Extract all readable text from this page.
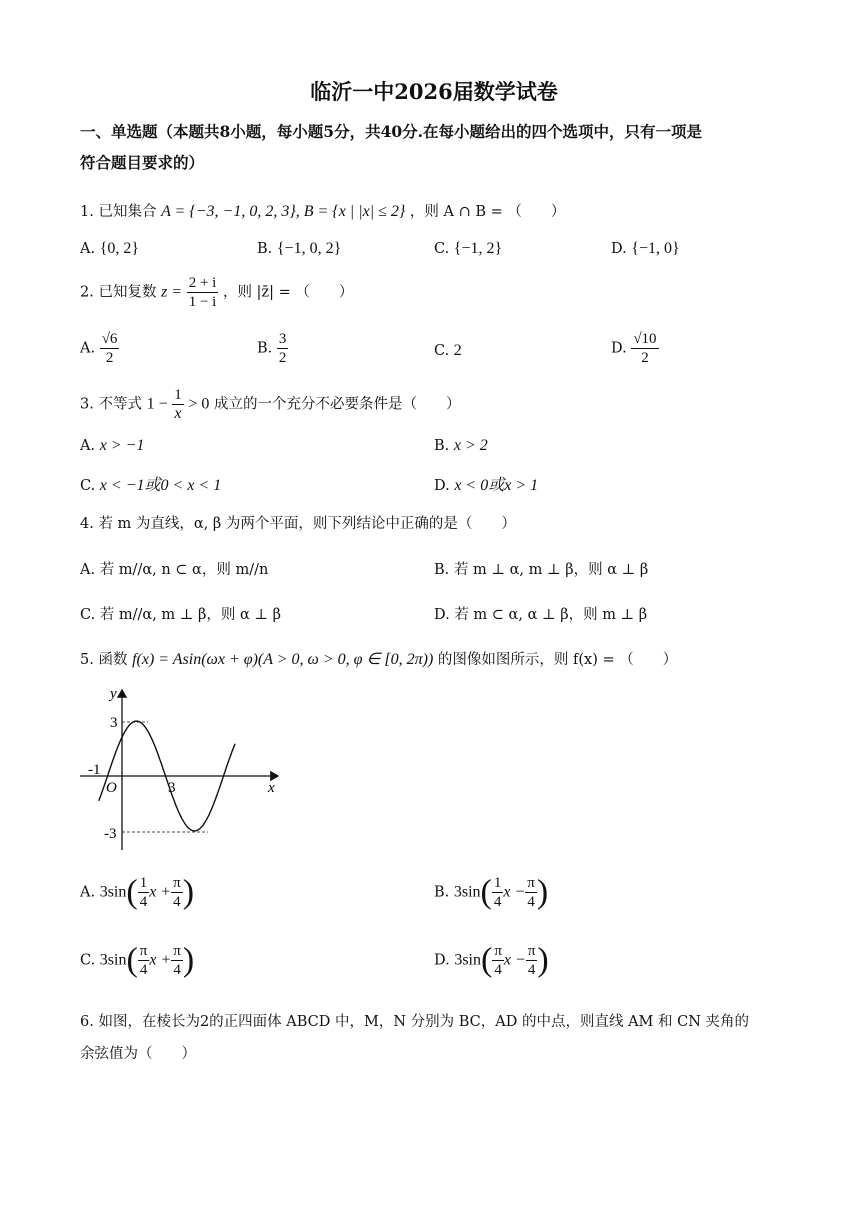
临沂一中2026届数学试卷
一、单选题（本题共8小题，每小题5分，共40分.在每小题给出的四个选项中，只有一项是
符合题目要求的）
1. 已知集合 A = {−3, −1, 0, 2, 3}, B = {x | |x| ≤ 2} ，则 A ∩ B = （　　）
A. {0, 2}	B. {−1, 0, 2}	C. {−1, 2}	D. {−1, 0}
2. 已知复数 $z = \frac{2 + i}{1 - i}$ ，则 |z̄| = （　　）
A. $\frac{√6}{2}$	B. $\frac{3}{2}$	C. 2	D. $\frac{√10}{2}$
3. 不等式 $1 - \frac{1}{x} > 0$ 成立的一个充分不必要条件是（　　）
A. x > −1	B. x > 2
C. x < −1或0 < x < 1	D. x < 0或x > 1
4. 若 m 为直线，α, β 为两个平面，则下列结论中正确的是（　　）
A. 若 m//α, n ⊂ α，则 m//n	B. 若 m ⊥ α, m ⊥ β，则 α ⊥ β
C. 若 m//α, m ⊥ β，则 α ⊥ β	D. 若 m ⊂ α, α ⊥ β，则 m ⊥ β
5. 函数 f(x) = Asin(ωx + φ)(A > 0, ω > 0, φ ∈ [0, 2π)) 的图像如图所示，则 f(x) = （　　）
y
x
O
3
-3
-1
3
A. $3\sin( \frac{1}{4}$ $x + \frac{\pi}{4}$ )	B. $3\sin( \frac{1}{4}$ $x - \frac{\pi}{4}$ )
C. $3\sin( \frac{\pi}{4}$ $x + \frac{\pi}{4}$ )	D. $3\sin( \frac{\pi}{4}$ $x - \frac{\pi}{4}$ )
6. 如图，在棱长为2的正四面体 ABCD 中，M，N 分别为 BC，AD 的中点，则直线 AM 和 CN 夹角的
余弦值为（　　）
